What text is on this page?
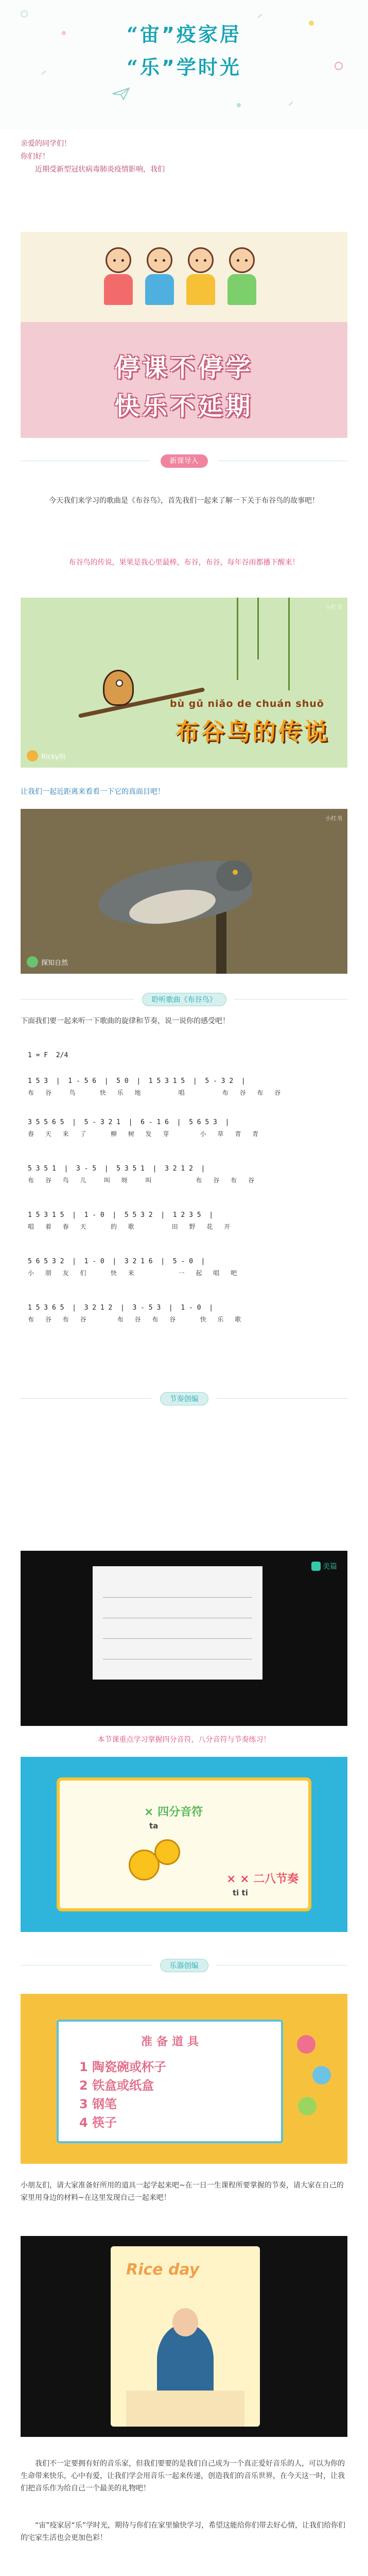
“宙”疫家居
“乐”学时光

亲爱的同学们！

你们好！

近期受新型冠状病毒肺炎疫情影响，我们

停课不停学
快乐不延期
新课导入
今天我们来学习的歌曲是《布谷鸟》，首先我们一起来了解一下关于布谷鸟的故事吧！
布谷鸟的传说，果果是我心里最棒，布谷，布谷，每年谷雨都播下醒来！
bù gǔ niǎo de chuán shuō
布谷鸟的传说
小红书
Ricky妈
让我们一起近距离来看看一下它的真面目吧！
小红书
探知自然
聆听歌曲《布谷鸟》
下面我们要一起来听一下歌曲的旋律和节奏，说一说你的感受吧！
1 = F  2/4
1 5 3  |  1 - 5 6  |  5 0  |  1 5 3 1 5  |  5 - 3 2  |
布 谷  鸟   快 乐 地     唱     布 谷 布 谷
3 5 5 6 5  |  5 - 3 2 1  |  6 - 1 6  |  5 6 5 3  |
春 天 来 了   柳 树 发 芽    小 草 青 青
5 3 5 1  |  3 - 5  |  5 3 5 1  |  3 2 1 2  |
布 谷 鸟 儿  叫 呀  叫      布 谷 布 谷
1 5 3 1 5  |  1 - 0  |  5 5 3 2  |  1 2 3 5  |
唱 着 春 天   的 歌     田 野 花 开
5 6 5 3 2  |  1 - 0  |  3 2 1 6  |  5 - 0  |
小 朋 友 们   快 来      一 起 唱 吧
1 5 3 6 5  |  3 2 1 2  |  3 - 5 3  |  1 - 0  |
布 谷 布 谷    布 谷 布 谷   快 乐 歌
节奏创编
美篇
本节课重点学习掌握四分音符，八分音符与节奏练习！
× 四分音符
ta
ti ti
× × 二八节奏
乐器创编
准备道具
1 陶瓷碗或杯子
2 铁盒或纸盒
3 钢笔
4 筷子
小朋友们，请大家准备好所用的道具一起学起来吧~在一日一生课程所要掌握的节奏，请大家在自己的家里用身边的材料~在这里发现自己一起来吧！
Rice day
我们不一定要拥有好的音乐家，但我们要要的是我们自己成为一个真正爱好音乐的人，可以为你的生命带来快乐，心中有爱，让我们学会用音乐一起来传递，创造我们的音乐世界，在今天这一时，让我们把音乐作为给自己一个最美的礼物吧！
“宙”疫家居“乐”学时光，期待与你们在家里愉快学习，希望这能给你们带去好心情，让我们给你们的宅家生活也会更加色彩！
